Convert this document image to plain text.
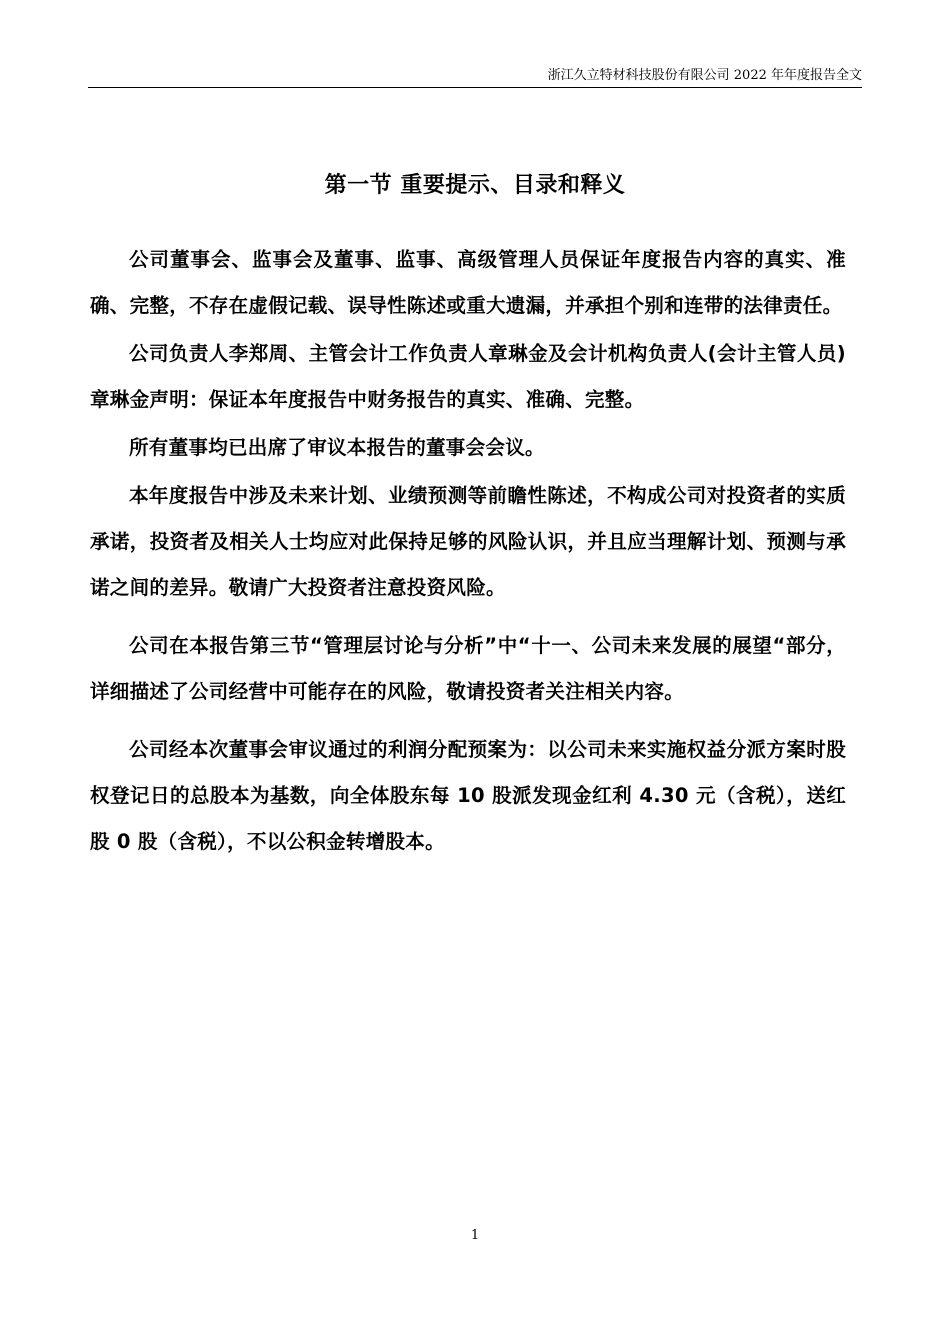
浙江久立特材科技股份有限公司 2022 年年度报告全文
第一节 重要提示、目录和释义

公司董事会、监事会及董事、监事、高级管理人员保证年度报告内容的真实、准确、完整，不存在虚假记载、误导性陈述或重大遗漏，并承担个别和连带的法律责任。

公司负责人李郑周、主管会计工作负责人章琳金及会计机构负责人(会计主管人员)章琳金声明：保证本年度报告中财务报告的真实、准确、完整。

所有董事均已出席了审议本报告的董事会会议。

本年度报告中涉及未来计划、业绩预测等前瞻性陈述，不构成公司对投资者的实质承诺，投资者及相关人士均应对此保持足够的风险认识，并且应当理解计划、预测与承诺之间的差异。敬请广大投资者注意投资风险。

公司在本报告第三节“管理层讨论与分析”中“十一、公司未来发展的展望“部分，详细描述了公司经营中可能存在的风险，敬请投资者关注相关内容。

公司经本次董事会审议通过的利润分配预案为：以公司未来实施权益分派方案时股权登记日的总股本为基数，向全体股东每 10 股派发现金红利 4.30 元（含税），送红股 0 股（含税），不以公积金转增股本。

1
